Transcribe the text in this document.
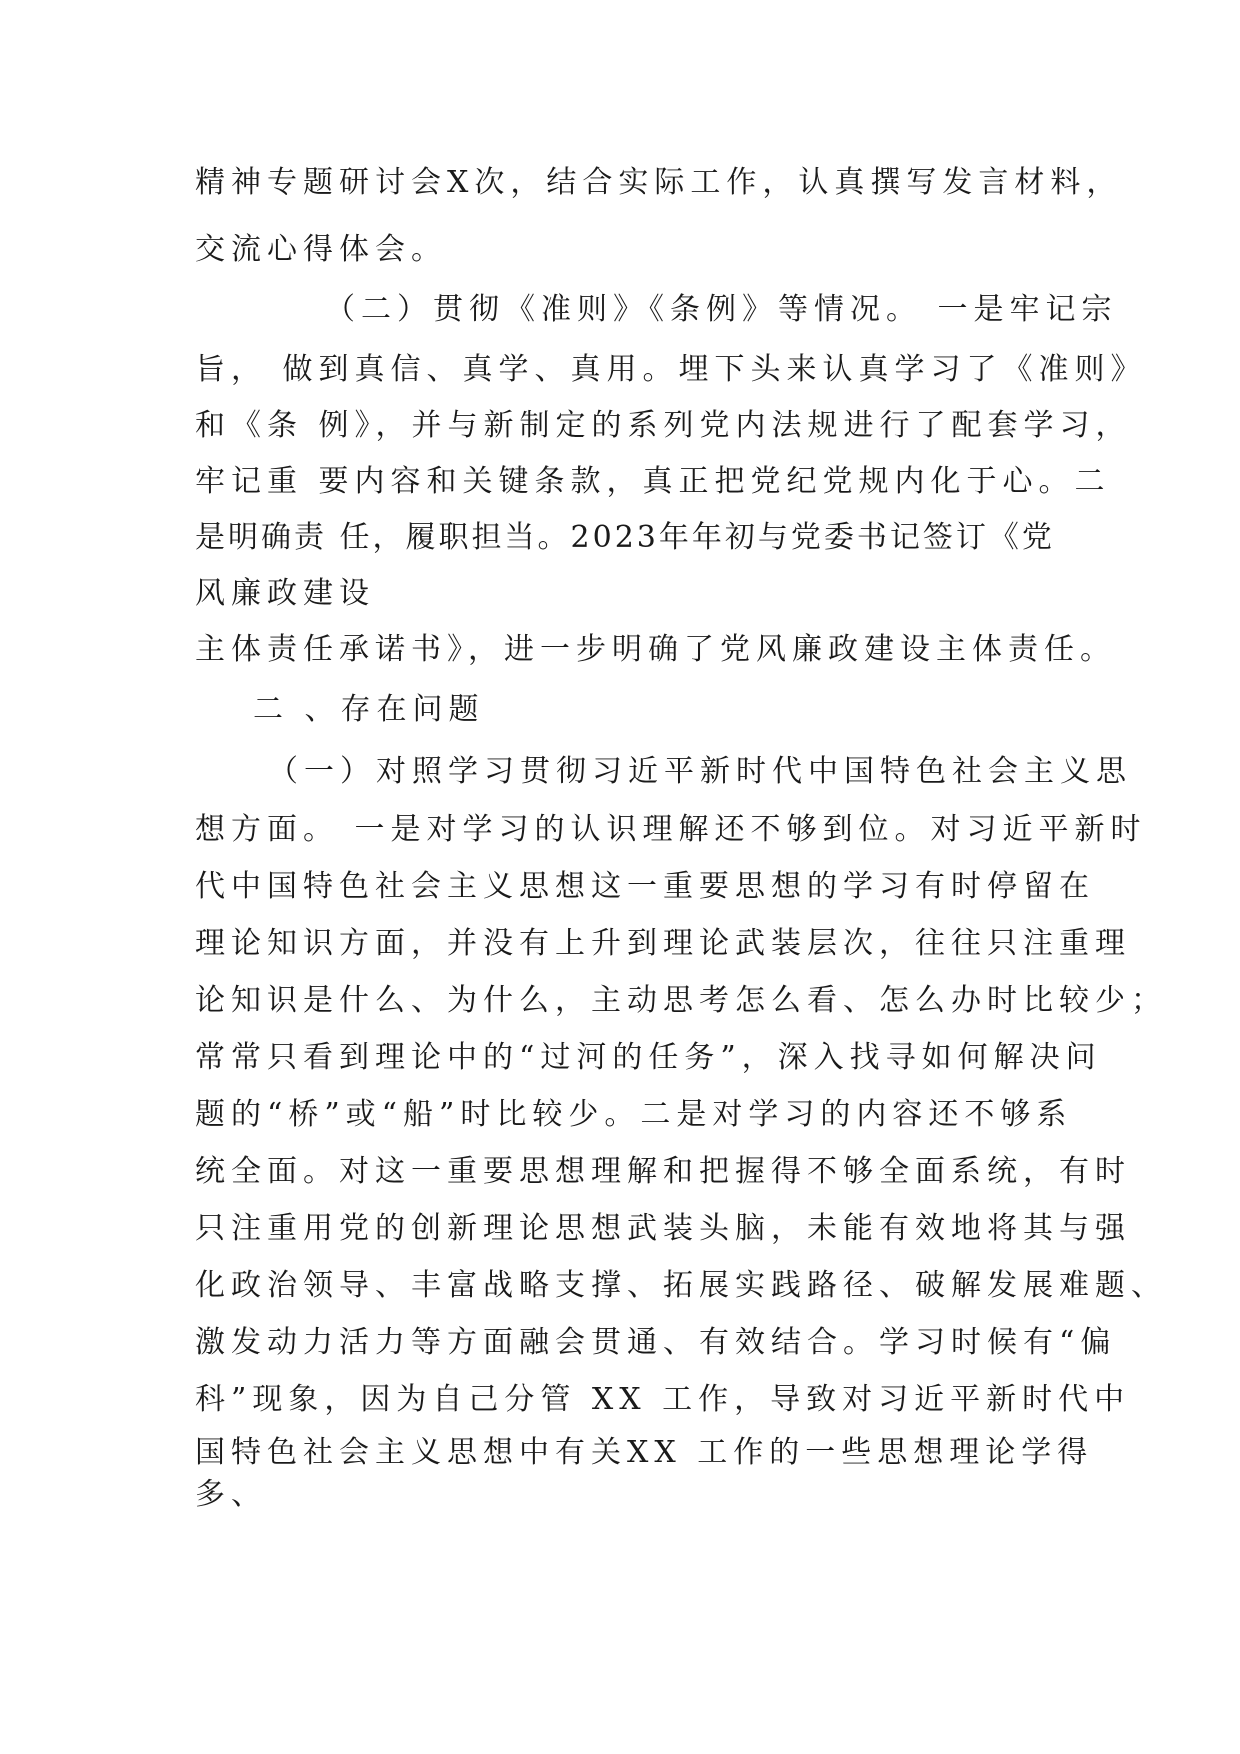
精神专题研讨会X次，结合实际工作，认真撰写发言材料，
交流心得体会。
（二）贯彻《准则》《条例》等情况。 一是牢记宗
旨， 做到真信、真学、真用。埋下头来认真学习了《准则》
和《条 例》，并与新制定的系列党内法规进行了配套学习，
牢记重 要内容和关键条款，真正把党纪党规内化于心。二
是明确责 任，履职担当。2023年年初与党委书记签订《党
风廉政建设
主体责任承诺书》，进一步明确了党风廉政建设主体责任。
二 、存在问题
（一）对照学习贯彻习近平新时代中国特色社会主义思
想方面。 一是对学习的认识理解还不够到位。对习近平新时
代中国特色社会主义思想这一重要思想的学习有时停留在
理论知识方面，并没有上升到理论武装层次，往往只注重理
论知识是什么、为什么，主动思考怎么看、怎么办时比较少；
常常只看到理论中的“过河的任务”，深入找寻如何解决问
题的“桥”或“船”时比较少。二是对学习的内容还不够系
统全面。对这一重要思想理解和把握得不够全面系统，有时
只注重用党的创新理论思想武装头脑，未能有效地将其与强
化政治领导、丰富战略支撑、拓展实践路径、破解发展难题、
激发动力活力等方面融会贯通、有效结合。学习时候有“偏
科”现象，因为自己分管 XX 工作，导致对习近平新时代中
国特色社会主义思想中有关XX 工作的一些思想理论学得
多、
